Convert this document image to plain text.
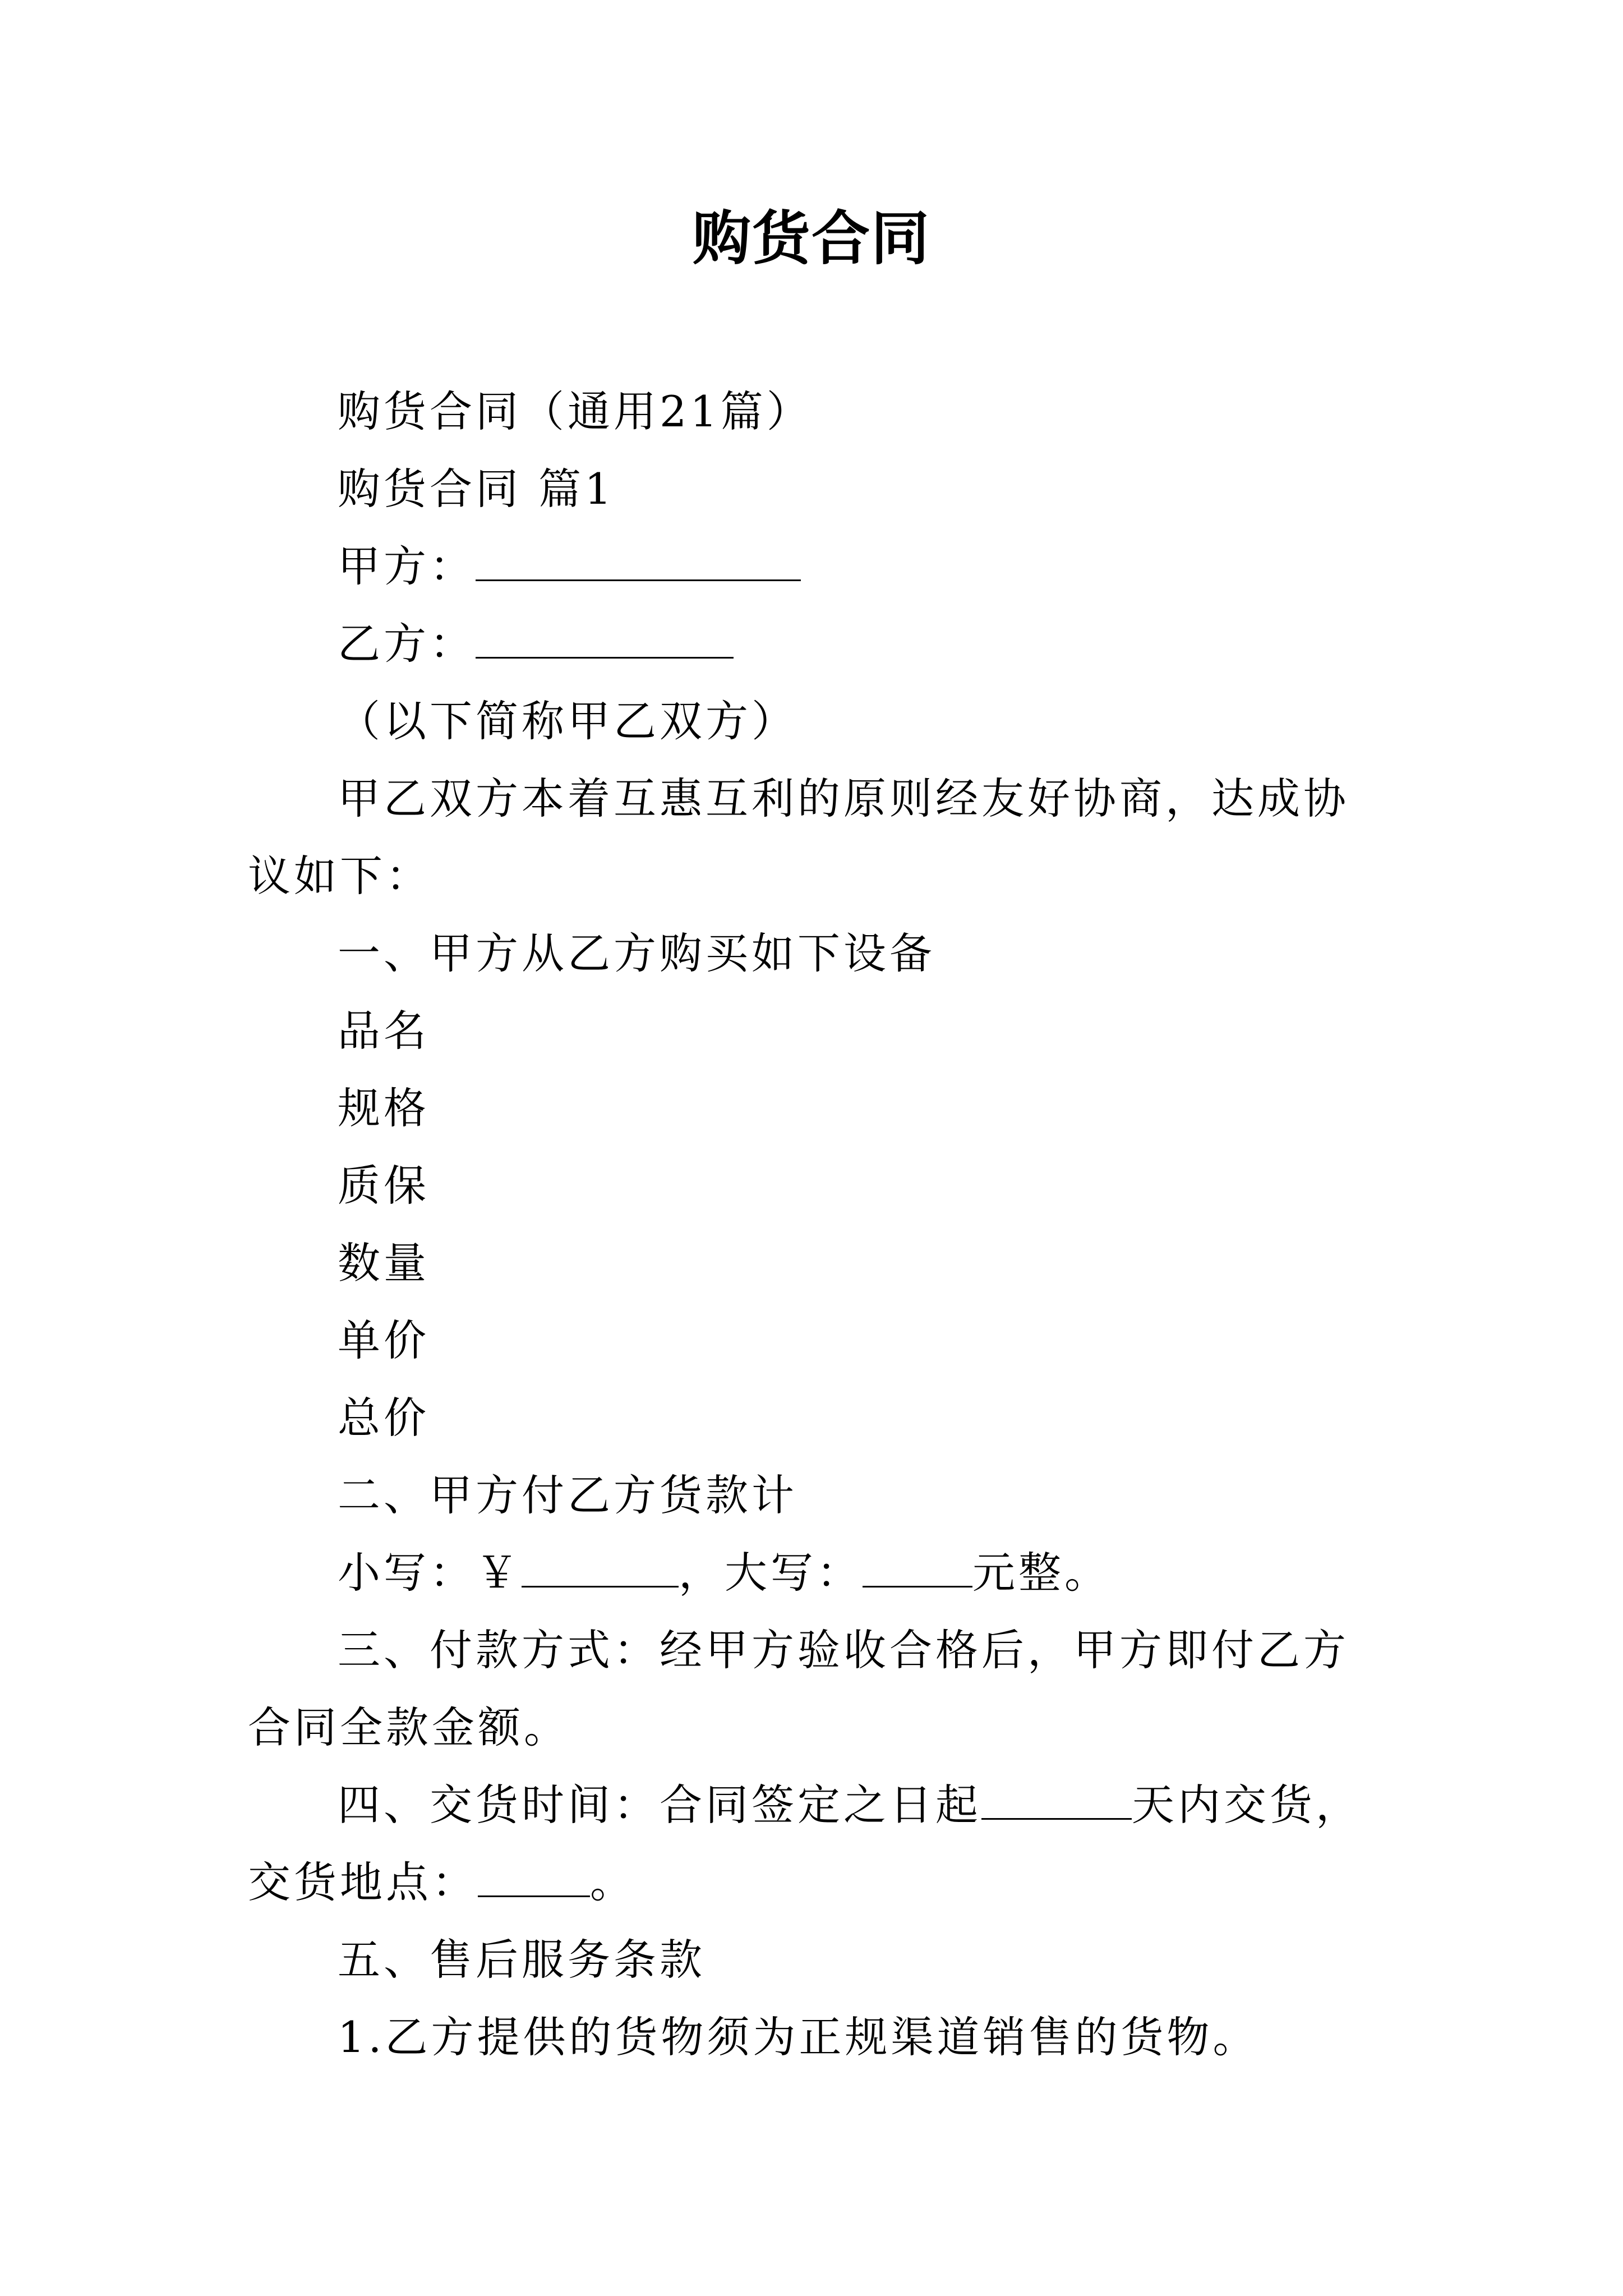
购货合同

购货合同（通用21篇）

购货合同 篇1

甲方：

乙方：

（以下简称甲乙双方）

甲乙双方本着互惠互利的原则经友好协商，达成协议如下：

一、甲方从乙方购买如下设备

品名

规格

质保

数量

单价

总价

二、甲方付乙方货款计

小写：￥	，大写：	元整。

三、付款方式：经甲方验收合格后，甲方即付乙方合同全款金额。

四、交货时间：合同签定之日起	天内交货，交货地点：	。

五、售后服务条款

1.乙方提供的货物须为正规渠道销售的货物。
